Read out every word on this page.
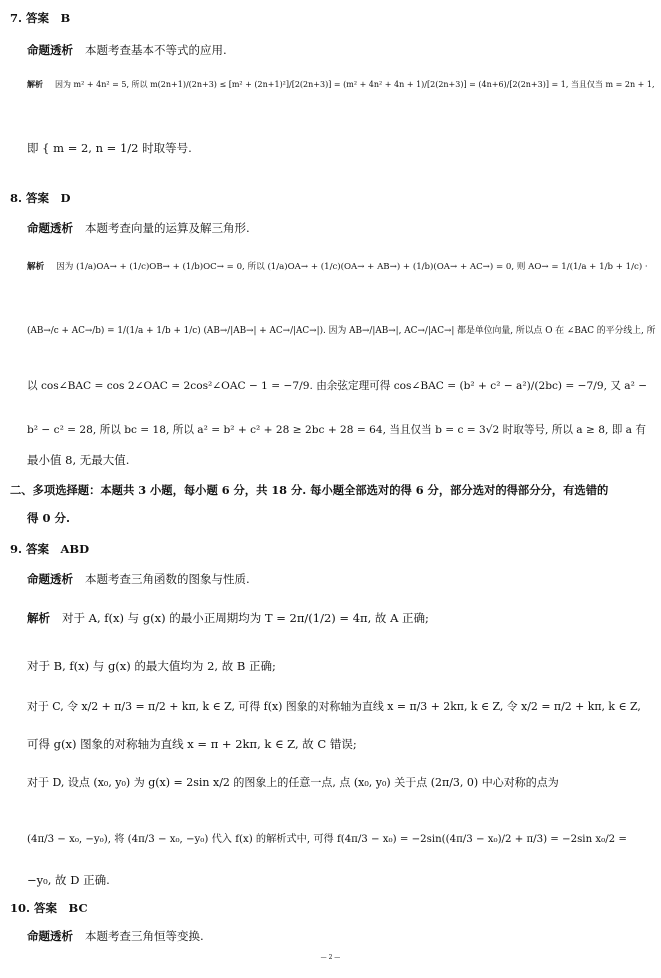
7. 答案　B
命题透析 本题考查基本不等式的应用.
解析 因为 m² + 4n² = 5, 所以 m(2n+1)/(2n+3) ≤ [m² + (2n+1)²]/[2(2n+3)] = (m² + 4n² + 4n + 1)/[2(2n+3)] = (4n+6)/[2(2n+3)] = 1, 当且仅当 m = 2n + 1,
即 { m = 2, n = 1/2 时取等号.
8. 答案　D
命题透析 本题考查向量的运算及解三角形.
解析 因为 (1/a)OA→ + (1/c)OB→ + (1/b)OC→ = 0, 所以 (1/a)OA→ + (1/c)(OA→ + AB→) + (1/b)(OA→ + AC→) = 0, 则 AO→ = 1/(1/a + 1/b + 1/c) ·
(AB→/c + AC→/b) = 1/(1/a + 1/b + 1/c) (AB→/|AB→| + AC→/|AC→|). 因为 AB→/|AB→|, AC→/|AC→| 都是单位向量, 所以点 O 在 ∠BAC 的平分线上, 所
以 cos∠BAC = cos 2∠OAC = 2cos²∠OAC − 1 = −7/9. 由余弦定理可得 cos∠BAC = (b² + c² − a²)/(2bc) = −7/9, 又 a² −
b² − c² = 28, 所以 bc = 18, 所以 a² = b² + c² + 28 ≥ 2bc + 28 = 64, 当且仅当 b = c = 3√2 时取等号, 所以 a ≥ 8, 即 a 有
最小值 8, 无最大值.
二、多项选择题：本题共 3 小题，每小题 6 分，共 18 分. 每小题全部选对的得 6 分，部分选对的得部分分，有选错的
得 0 分.
9. 答案　ABD
命题透析 本题考查三角函数的图象与性质.
解析 对于 A, f(x) 与 g(x) 的最小正周期均为 T = 2π/(1/2) = 4π, 故 A 正确;
对于 B, f(x) 与 g(x) 的最大值均为 2, 故 B 正确;
对于 C, 令 x/2 + π/3 = π/2 + kπ, k ∈ Z, 可得 f(x) 图象的对称轴为直线 x = π/3 + 2kπ, k ∈ Z, 令 x/2 = π/2 + kπ, k ∈ Z,
可得 g(x) 图象的对称轴为直线 x = π + 2kπ, k ∈ Z, 故 C 错误;
对于 D, 设点 (x₀, y₀) 为 g(x) = 2sin x/2 的图象上的任意一点, 点 (x₀, y₀) 关于点 (2π/3, 0) 中心对称的点为
(4π/3 − x₀, −y₀), 将 (4π/3 − x₀, −y₀) 代入 f(x) 的解析式中, 可得 f(4π/3 − x₀) = −2sin((4π/3 − x₀)/2 + π/3) = −2sin x₀/2 =
−y₀, 故 D 正确.
10. 答案　BC
命题透析 本题考查三角恒等变换.
— 2 —
